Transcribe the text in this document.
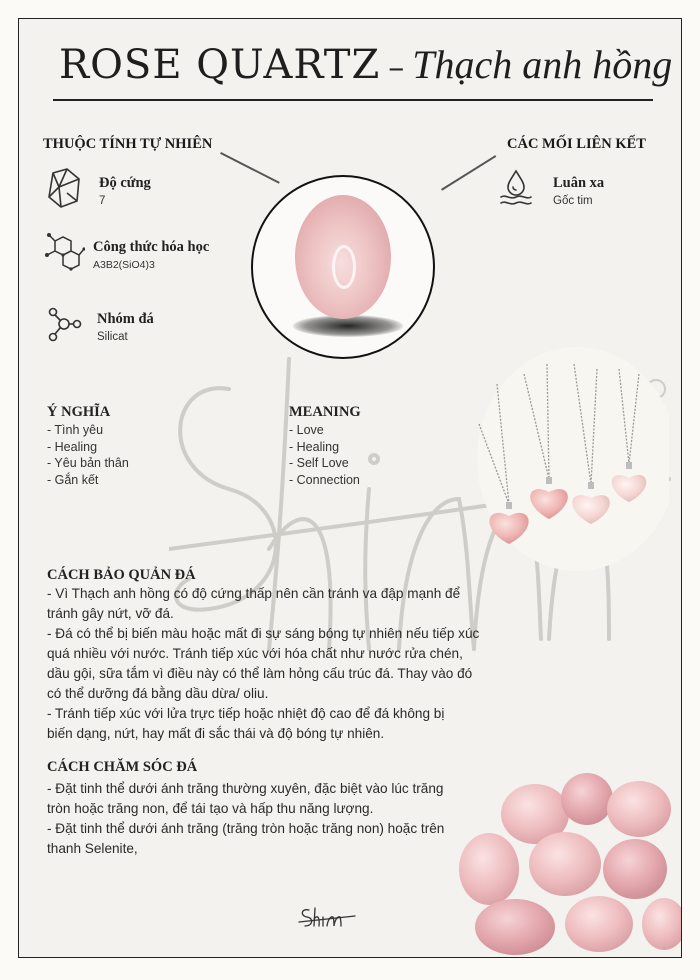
ROSE QUARTZ – Thạch anh hồng
THUỘC TÍNH TỰ NHIÊN	CÁC MỐI LIÊN KẾT
Độ cứng
7
Công thức hóa học
A3B2(SiO4)3
Nhóm đá
Silicat
Luân xa
Gốc tim
Ý NGHĨA
- Tình yêu
- Healing
- Yêu bản thân
- Gắn kết
MEANING
- Love
- Healing
- Self Love
- Connection
CÁCH BẢO QUẢN ĐÁ

- Vì Thạch anh hồng có độ cứng thấp nên cần tránh va đập mạnh để tránh gây nứt, vỡ đá.

- Đá có thể bị biến màu hoặc mất đi sự sáng bóng tự nhiên nếu tiếp xúc quá nhiều với nước. Tránh tiếp xúc với hóa chất như nước rửa chén, dầu gội, sữa tắm vì điều này có thể làm hỏng cấu trúc đá. Thay vào đó có thể dưỡng đá bằng dầu dừa/ oliu.

- Tránh tiếp xúc với lửa trực tiếp hoặc nhiệt độ cao để đá không bị biến dạng, nứt, hay mất đi sắc thái và độ bóng tự nhiên.

CÁCH CHĂM SÓC ĐÁ

- Đặt tinh thể dưới ánh trăng thường xuyên, đặc biệt vào lúc trăng tròn hoặc trăng non, để tái tạo và hấp thu năng lượng.

- Đặt tinh thể dưới ánh trăng (trăng tròn hoặc trăng non) hoặc trên thanh Selenite,
